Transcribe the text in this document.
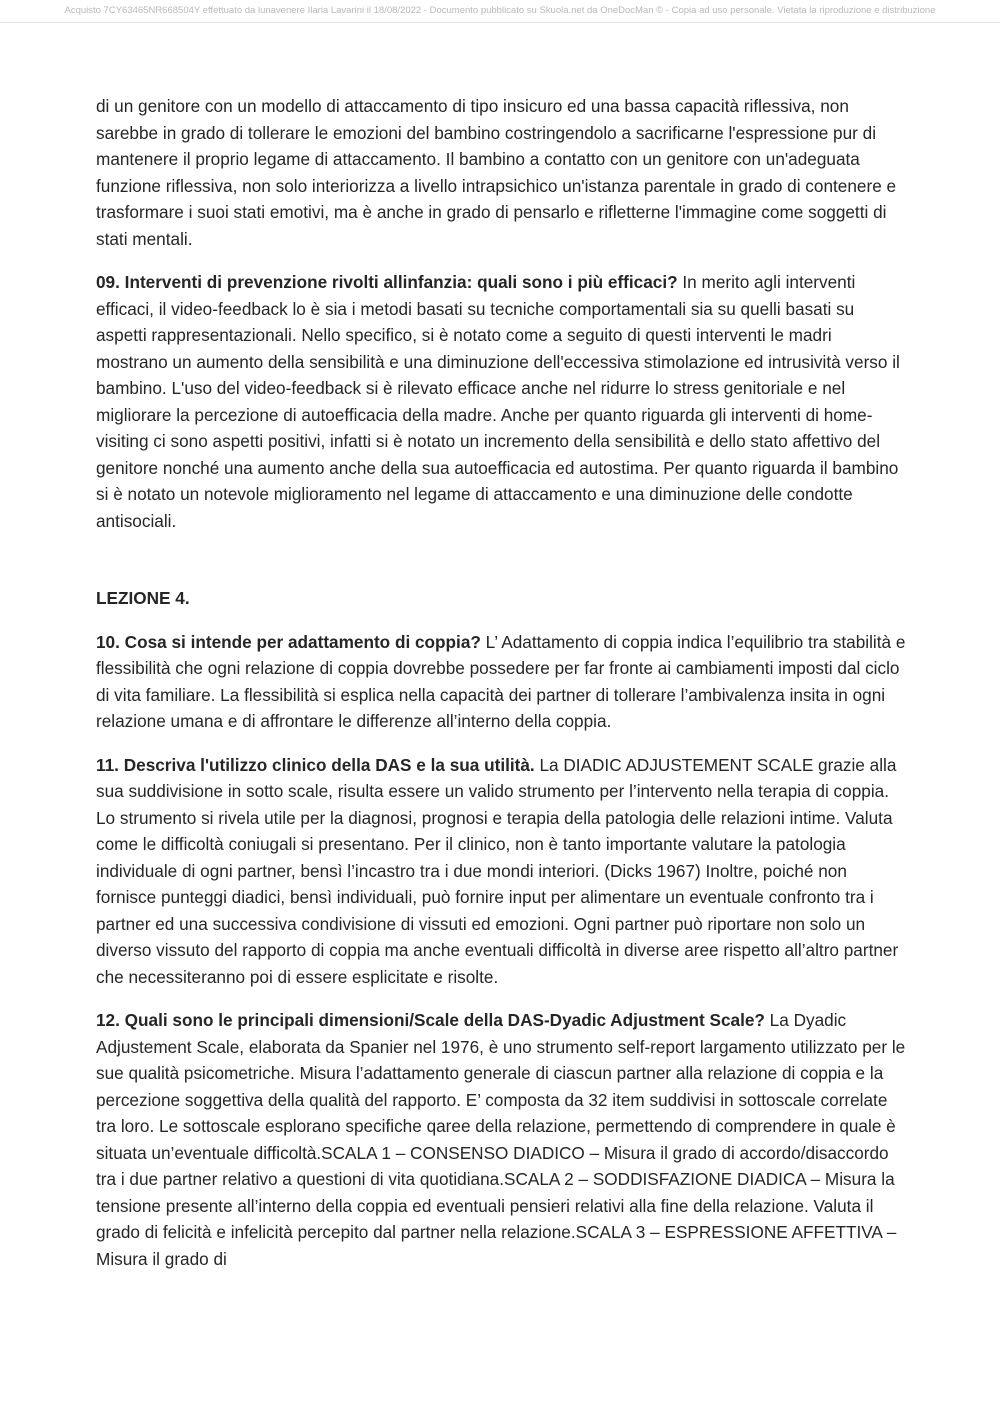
Acquisto 7CY63465NR668504Y effettuato da lunavenere Ilaria Lavarini il 18/08/2022 - Documento pubblicato su Skuola.net da OneDocMan © - Copia ad uso personale. Vietata la riproduzione e distribuzione

di un genitore con un modello di attaccamento di tipo insicuro ed una bassa capacità riflessiva, non sarebbe in grado di tollerare le emozioni del bambino costringendolo a sacrificarne l'espressione pur di mantenere il proprio legame di attaccamento. Il bambino a contatto con un genitore con un'adeguata funzione riflessiva, non solo interiorizza a livello intrapsichico un'istanza parentale in grado di contenere e trasformare i suoi stati emotivi, ma è anche in grado di pensarlo e rifletterne l'immagine come soggetti di stati mentali.

09. Interventi di prevenzione rivolti allinfanzia: quali sono i più efficaci? In merito agli interventi efficaci, il video-feedback lo è sia i metodi basati su tecniche comportamentali sia su quelli basati su aspetti rappresentazionali. Nello specifico, si è notato come a seguito di questi interventi le madri mostrano un aumento della sensibilità e una diminuzione dell'eccessiva stimolazione ed intrusività verso il bambino. L'uso del video-feedback si è rilevato efficace anche nel ridurre lo stress genitoriale e nel migliorare la percezione di autoefficacia della madre. Anche per quanto riguarda gli interventi di home-visiting ci sono aspetti positivi, infatti si è notato un incremento della sensibilità e dello stato affettivo del genitore nonché una aumento anche della sua autoefficacia ed autostima. Per quanto riguarda il bambino si è notato un notevole miglioramento nel legame di attaccamento e una diminuzione delle condotte antisociali.

LEZIONE 4.

10. Cosa si intende per adattamento di coppia? L’ Adattamento di coppia indica l’equilibrio tra stabilità e flessibilità che ogni relazione di coppia dovrebbe possedere per far fronte ai cambiamenti imposti dal ciclo di vita familiare. La flessibilità si esplica nella capacità dei partner di tollerare l’ambivalenza insita in ogni relazione umana e di affrontare le differenze all’interno della coppia.

11. Descriva l'utilizzo clinico della DAS e la sua utilità. La DIADIC ADJUSTEMENT SCALE grazie alla sua suddivisione in sotto scale, risulta essere un valido strumento per l’intervento nella terapia di coppia. Lo strumento si rivela utile per la diagnosi, prognosi e terapia della patologia delle relazioni intime. Valuta come le difficoltà coniugali si presentano. Per il clinico, non è tanto importante valutare la patologia individuale di ogni partner, bensì l’incastro tra i due mondi interiori. (Dicks 1967) Inoltre, poiché non fornisce punteggi diadici, bensì individuali, può fornire input per alimentare un eventuale confronto tra i partner ed una successiva condivisione di vissuti ed emozioni. Ogni partner può riportare non solo un diverso vissuto del rapporto di coppia ma anche eventuali difficoltà in diverse aree rispetto all’altro partner che necessiteranno poi di essere esplicitate e risolte.

12. Quali sono le principali dimensioni/Scale della DAS-Dyadic Adjustment Scale? La Dyadic Adjustement Scale, elaborata da Spanier nel 1976, è uno strumento self-report largamento utilizzato per le sue qualità psicometriche. Misura l’adattamento generale di ciascun partner alla relazione di coppia e la percezione soggettiva della qualità del rapporto. E’ composta da 32 item suddivisi in sottoscale correlate tra loro. Le sottoscale esplorano specifiche qaree della relazione, permettendo di comprendere in quale è situata un’eventuale difficoltà.SCALA 1 – CONSENSO DIADICO – Misura il grado di accordo/disaccordo tra i due partner relativo a questioni di vita quotidiana.SCALA 2 – SODDISFAZIONE DIADICA – Misura la tensione presente all’interno della coppia ed eventuali pensieri relativi alla fine della relazione. Valuta il grado di felicità e infelicità percepito dal partner nella relazione.SCALA 3 – ESPRESSIONE AFFETTIVA – Misura il grado di
